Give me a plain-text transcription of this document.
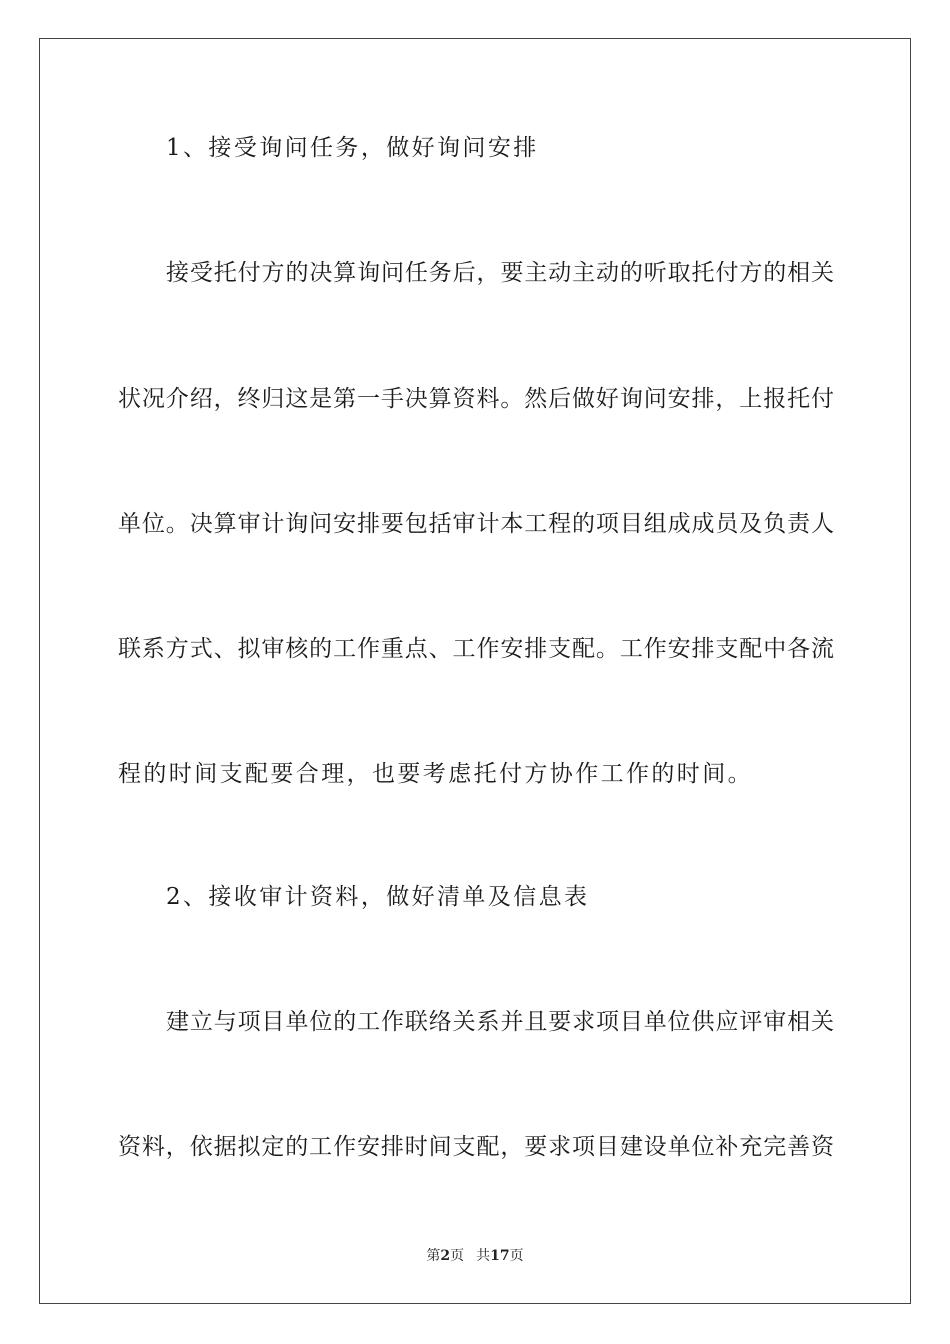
1、接受询问任务，做好询问安排
接受托付方的决算询问任务后，要主动主动的听取托付方的相关
状况介绍，终归这是第一手决算资料。然后做好询问安排，上报托付
单位。决算审计询问安排要包括审计本工程的项目组成成员及负责人
联系方式、拟审核的工作重点、工作安排支配。工作安排支配中各流
程的时间支配要合理，也要考虑托付方协作工作的时间。
2、接收审计资料，做好清单及信息表
建立与项目单位的工作联络关系并且要求项目单位供应评审相关
资料，依据拟定的工作安排时间支配，要求项目建设单位补充完善资
第2页 共17页
